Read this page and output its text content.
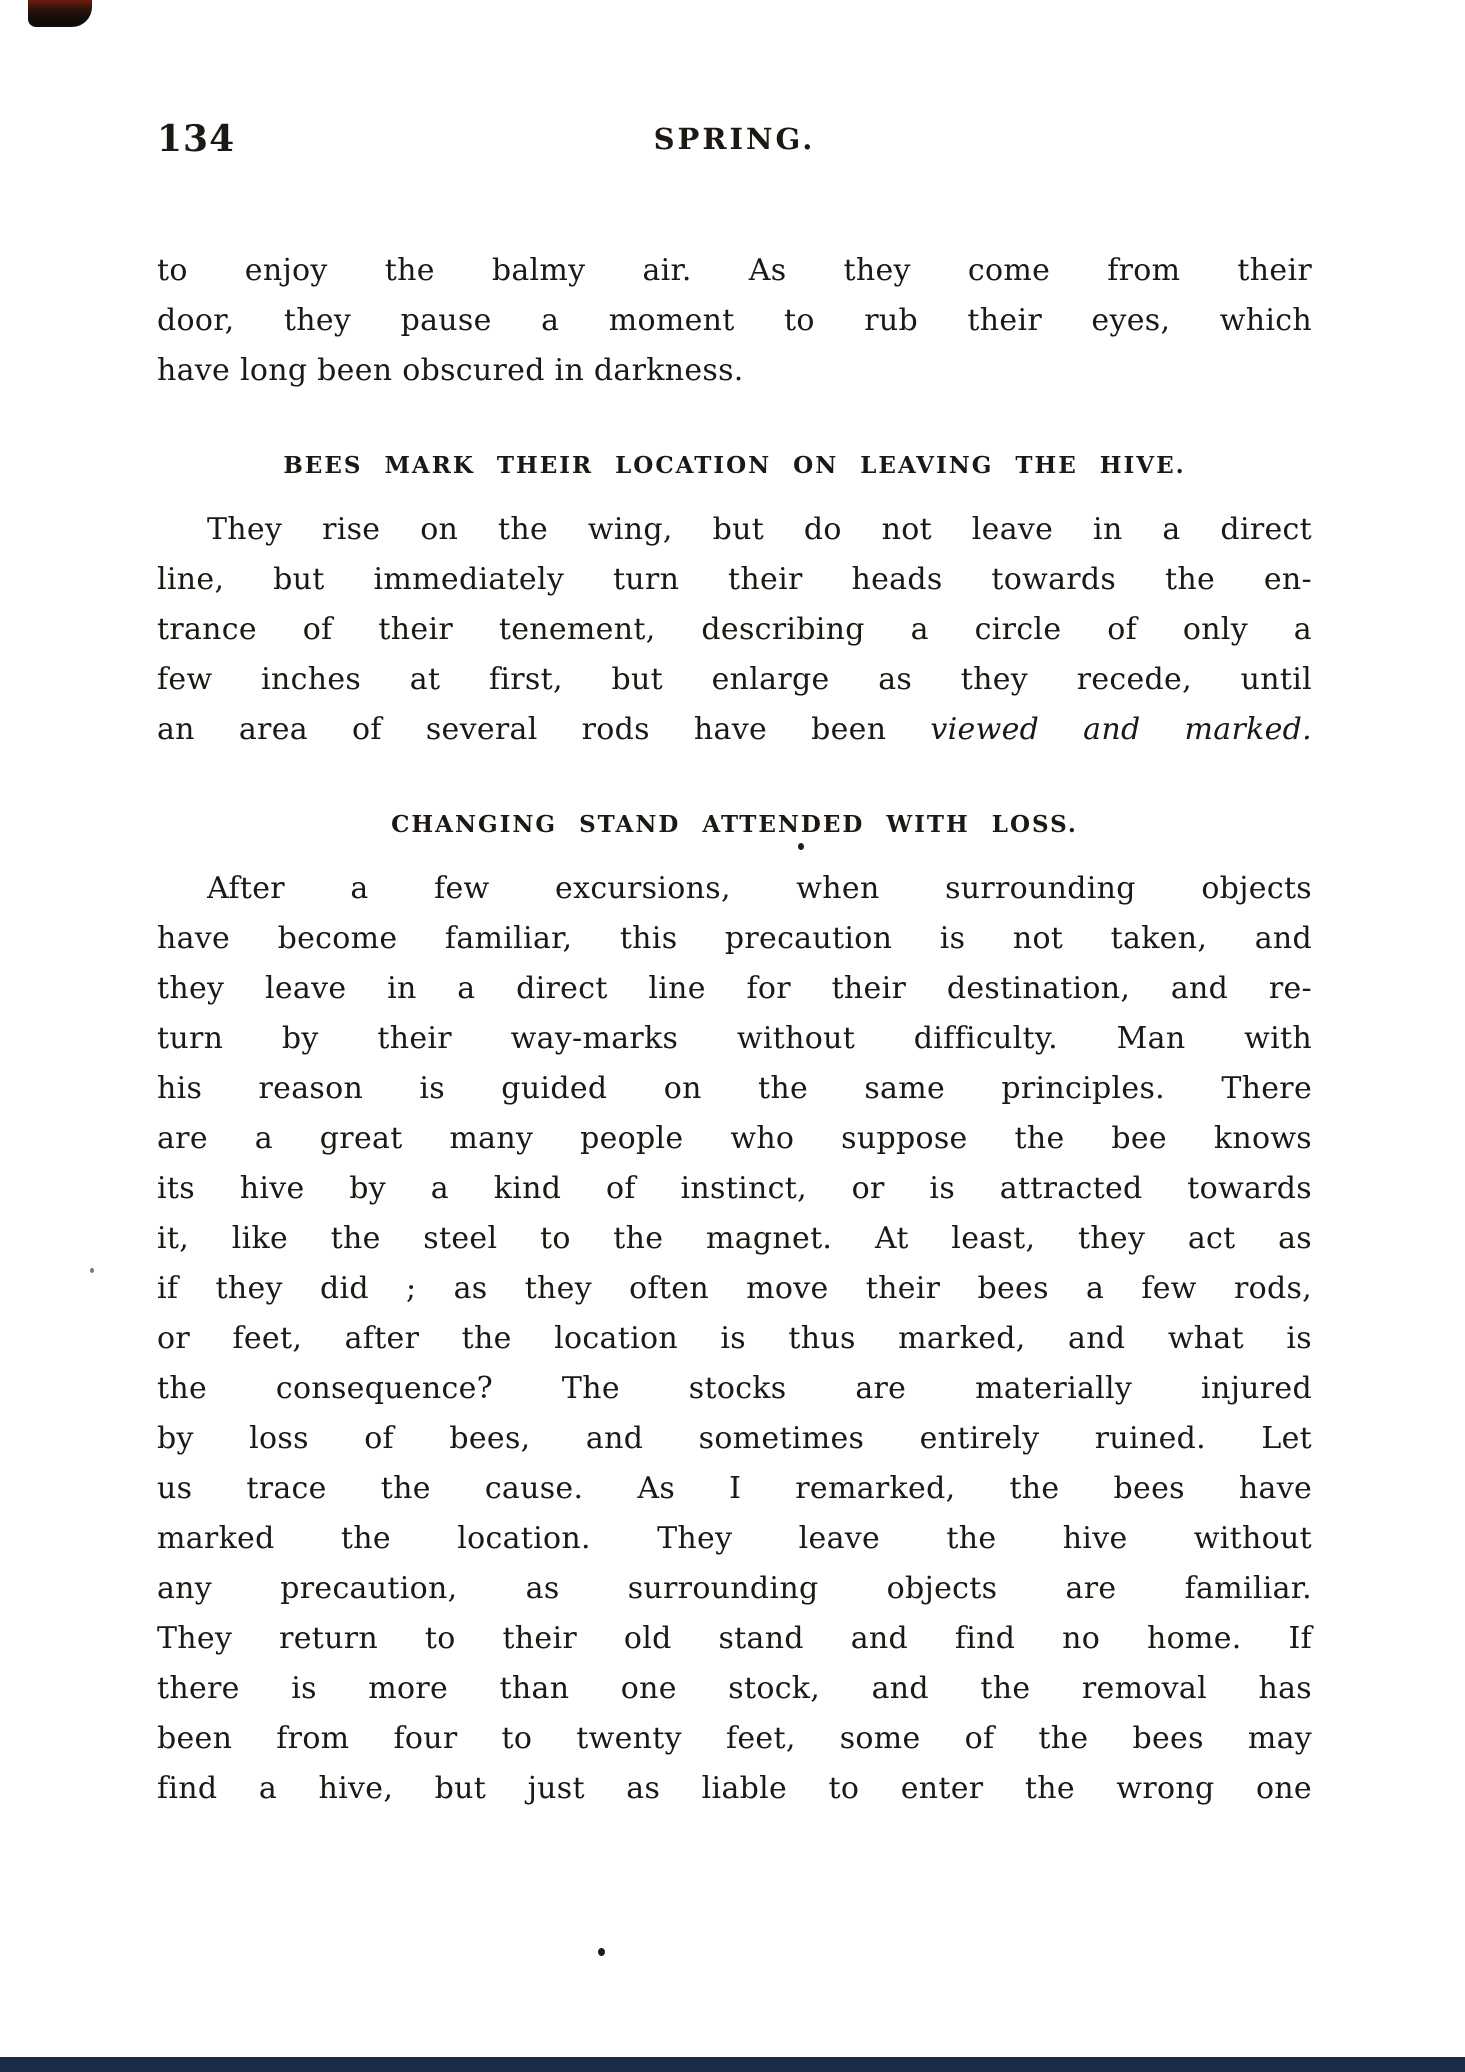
134	SPRING.
to enjoy the balmy air. As they come from their
door, they pause a moment to rub their eyes, which
have long been obscured in darkness.
BEES MARK THEIR LOCATION ON LEAVING THE HIVE.
They rise on the wing, but do not leave in a direct
line, but immediately turn their heads towards the en-
trance of their tenement, describing a circle of only a
few inches at first, but enlarge as they recede, until
an area of several rods have been viewed and marked.
CHANGING STAND ATTENDED WITH LOSS.
After a few excursions, when surrounding objects
have become familiar, this precaution is not taken, and
they leave in a direct line for their destination, and re-
turn by their way-marks without difficulty. Man with
his reason is guided on the same principles. There
are a great many people who suppose the bee knows
its hive by a kind of instinct, or is attracted towards
it, like the steel to the magnet. At least, they act as
if they did ; as they often move their bees a few rods,
or feet, after the location is thus marked, and what is
the consequence? The stocks are materially injured
by loss of bees, and sometimes entirely ruined. Let
us trace the cause. As I remarked, the bees have
marked the location. They leave the hive without
any precaution, as surrounding objects are familiar.
They return to their old stand and find no home. If
there is more than one stock, and the removal has
been from four to twenty feet, some of the bees may
find a hive, but just as liable to enter the wrong one
